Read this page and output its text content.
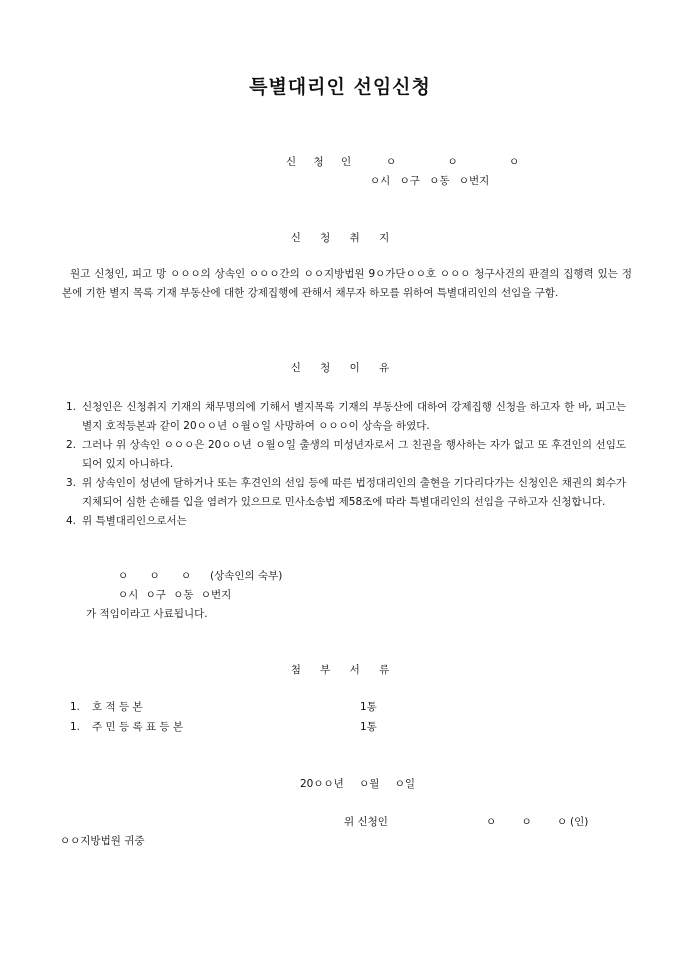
특별대리인 선임신청
신 청 인	ㅇ ㅇ ㅇ
ㅇ시 ㅇ구 ㅇ동 ㅇ번지
신 청 취 지
원고 신청인, 피고 망 ㅇㅇㅇ의 상속인 ㅇㅇㅇ간의 ㅇㅇ지방법원 9ㅇ가단ㅇㅇ호 ㅇㅇㅇ 청구사건의 판결의 집행력 있는 정본에 기한 별지 목록 기재 부동산에 대한 강제집행에 관해서 채무자 하모를 위하여 특별대리인의 선임을 구함.
신 청 이 유
1. 신청인은 신청취지 기재의 채무명의에 기해서 별지목록 기재의 부동산에 대하여 강제집행 신청을 하고자 한 바, 피고는 별지 호적등본과 같이 20ㅇㅇ년 ㅇ월ㅇ일 사망하여 ㅇㅇㅇ이 상속을 하였다.
2. 그러나 위 상속인 ㅇㅇㅇ은 20ㅇㅇ년 ㅇ월ㅇ일 출생의 미성년자로서 그 친권을 행사하는 자가 없고 또 후견인의 선임도 되어 있지 아니하다.
3. 위 상속인이 성년에 달하거나 또는 후견인의 선임 등에 따른 법정대리인의 출현을 기다리다가는 신청인은 채권의 회수가 지체되어 심한 손해를 입을 염려가 있으므로 민사소송법 제58조에 따라 특별대리인의 선임을 구하고자 신청합니다.
4. 위 특별대리인으로서는
ㅇ ㅇ ㅇ (상속인의 숙부)
ㅇ시 ㅇ구 ㅇ동 ㅇ번지
가 적임이라고 사료됩니다.
첨 부 서 류
1. 호 적 등 본	1통
1. 주 민 등 록 표 등 본	1통
20ㅇㅇ년 ㅇ월 ㅇ일
위 신청인	ㅇ ㅇ ㅇ (인)
ㅇㅇ지방법원 귀중
